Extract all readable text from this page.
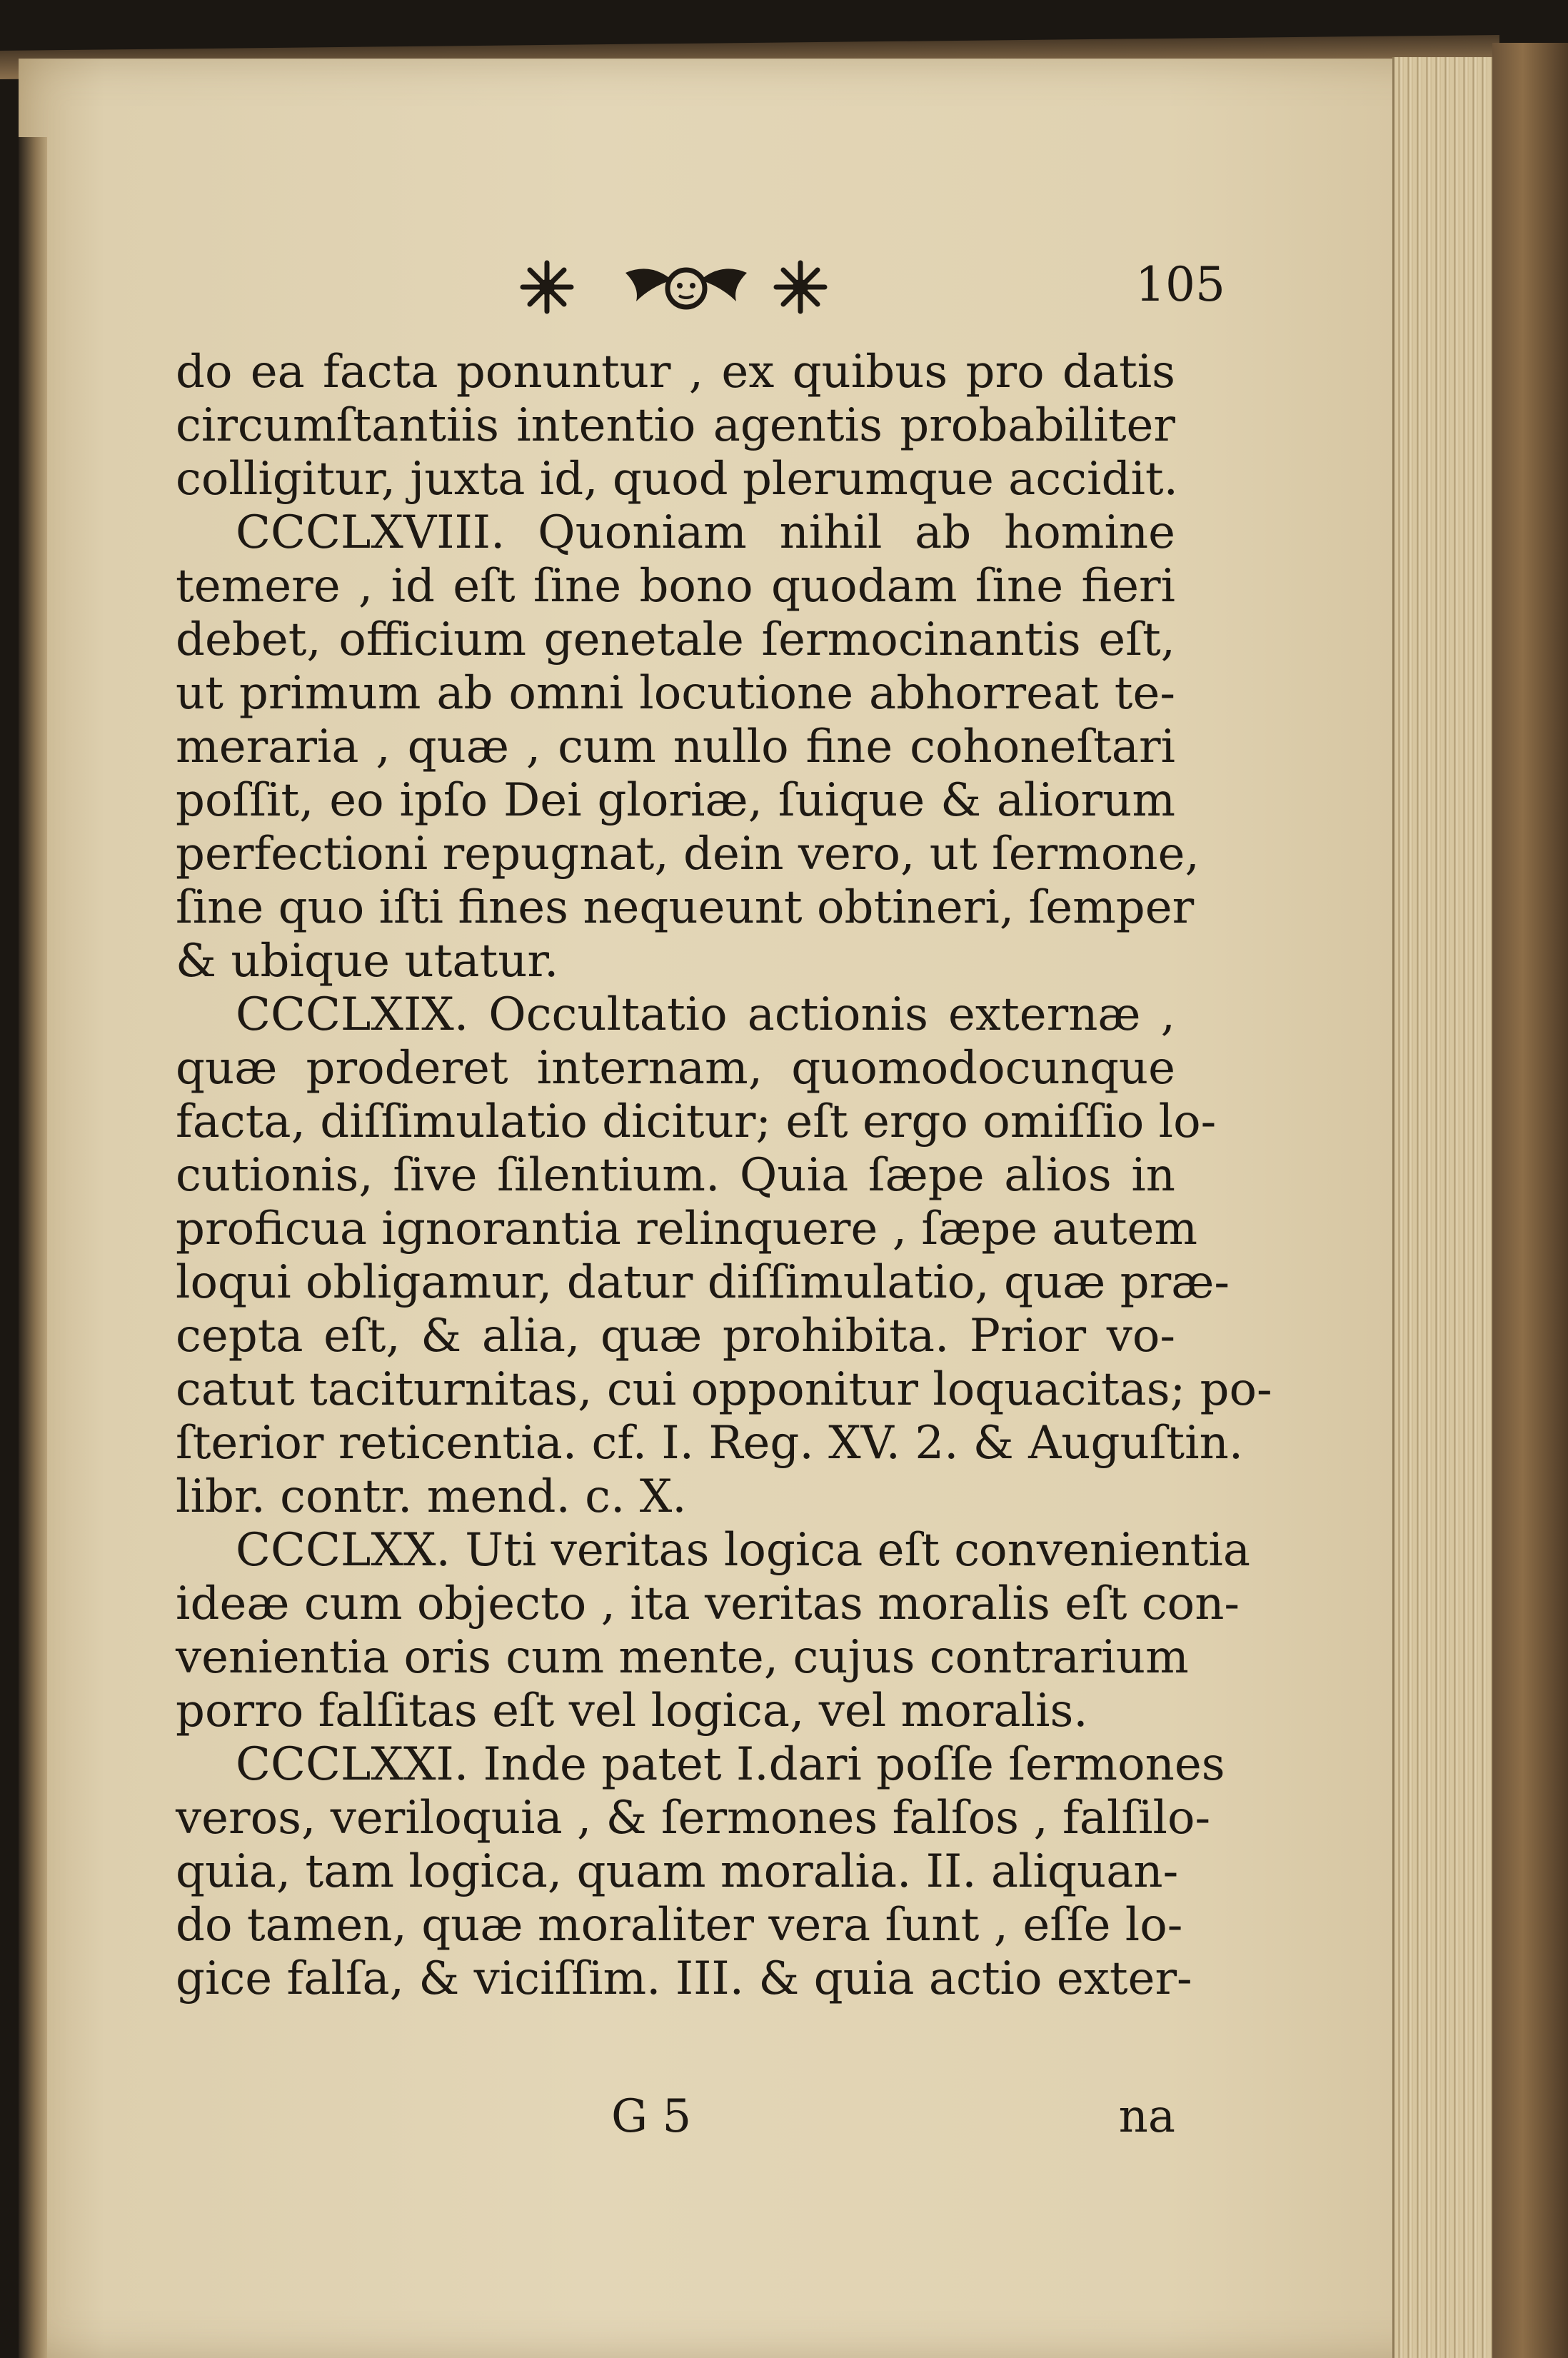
105
do ea facta ponuntur , ex quibus pro datis
circumſtantiis intentio agentis probabiliter
colligitur, juxta id, quod plerumque accidit.
CCCLXVIII. Quoniam nihil ab homine
temere , id eſt ſine bono quodam ſine fieri
debet, officium genetale ſermocinantis eſt,
ut primum ab omni locutione abhorreat te-
meraria , quæ , cum nullo fine cohoneſtari
poſſit, eo ipſo Dei gloriæ, ſuique & aliorum
perfectioni repugnat, dein vero, ut ſermone,
ſine quo iſti fines nequeunt obtineri, ſemper
& ubique utatur.
CCCLXIX. Occultatio actionis externæ ,
quæ proderet internam, quomodocunque
facta, diſſimulatio dicitur; eſt ergo omiſſio lo-
cutionis, ſive ſilentium. Quia ſæpe alios in
proficua ignorantia relinquere , ſæpe autem
loqui obligamur, datur diſſimulatio, quæ præ-
cepta eſt, & alia, quæ prohibita. Prior vo-
catut taciturnitas, cui opponitur loquacitas; po-
ſterior reticentia. cf. I. Reg. XV. 2. & Auguſtin.
libr. contr. mend. c. X.
CCCLXX. Uti veritas logica eſt convenientia
ideæ cum objecto , ita veritas moralis eſt con-
venientia oris cum mente, cujus contrarium
porro falſitas eſt vel logica, vel moralis.
CCCLXXI. Inde patet I.dari poſſe ſermones
veros, veriloquia , & ſermones falſos , falſilo-
quia, tam logica, quam moralia. II. aliquan-
do tamen, quæ moraliter vera ſunt , eſſe lo-
gice falſa, & viciſſim. III. & quia actio exter-
G 5	na
